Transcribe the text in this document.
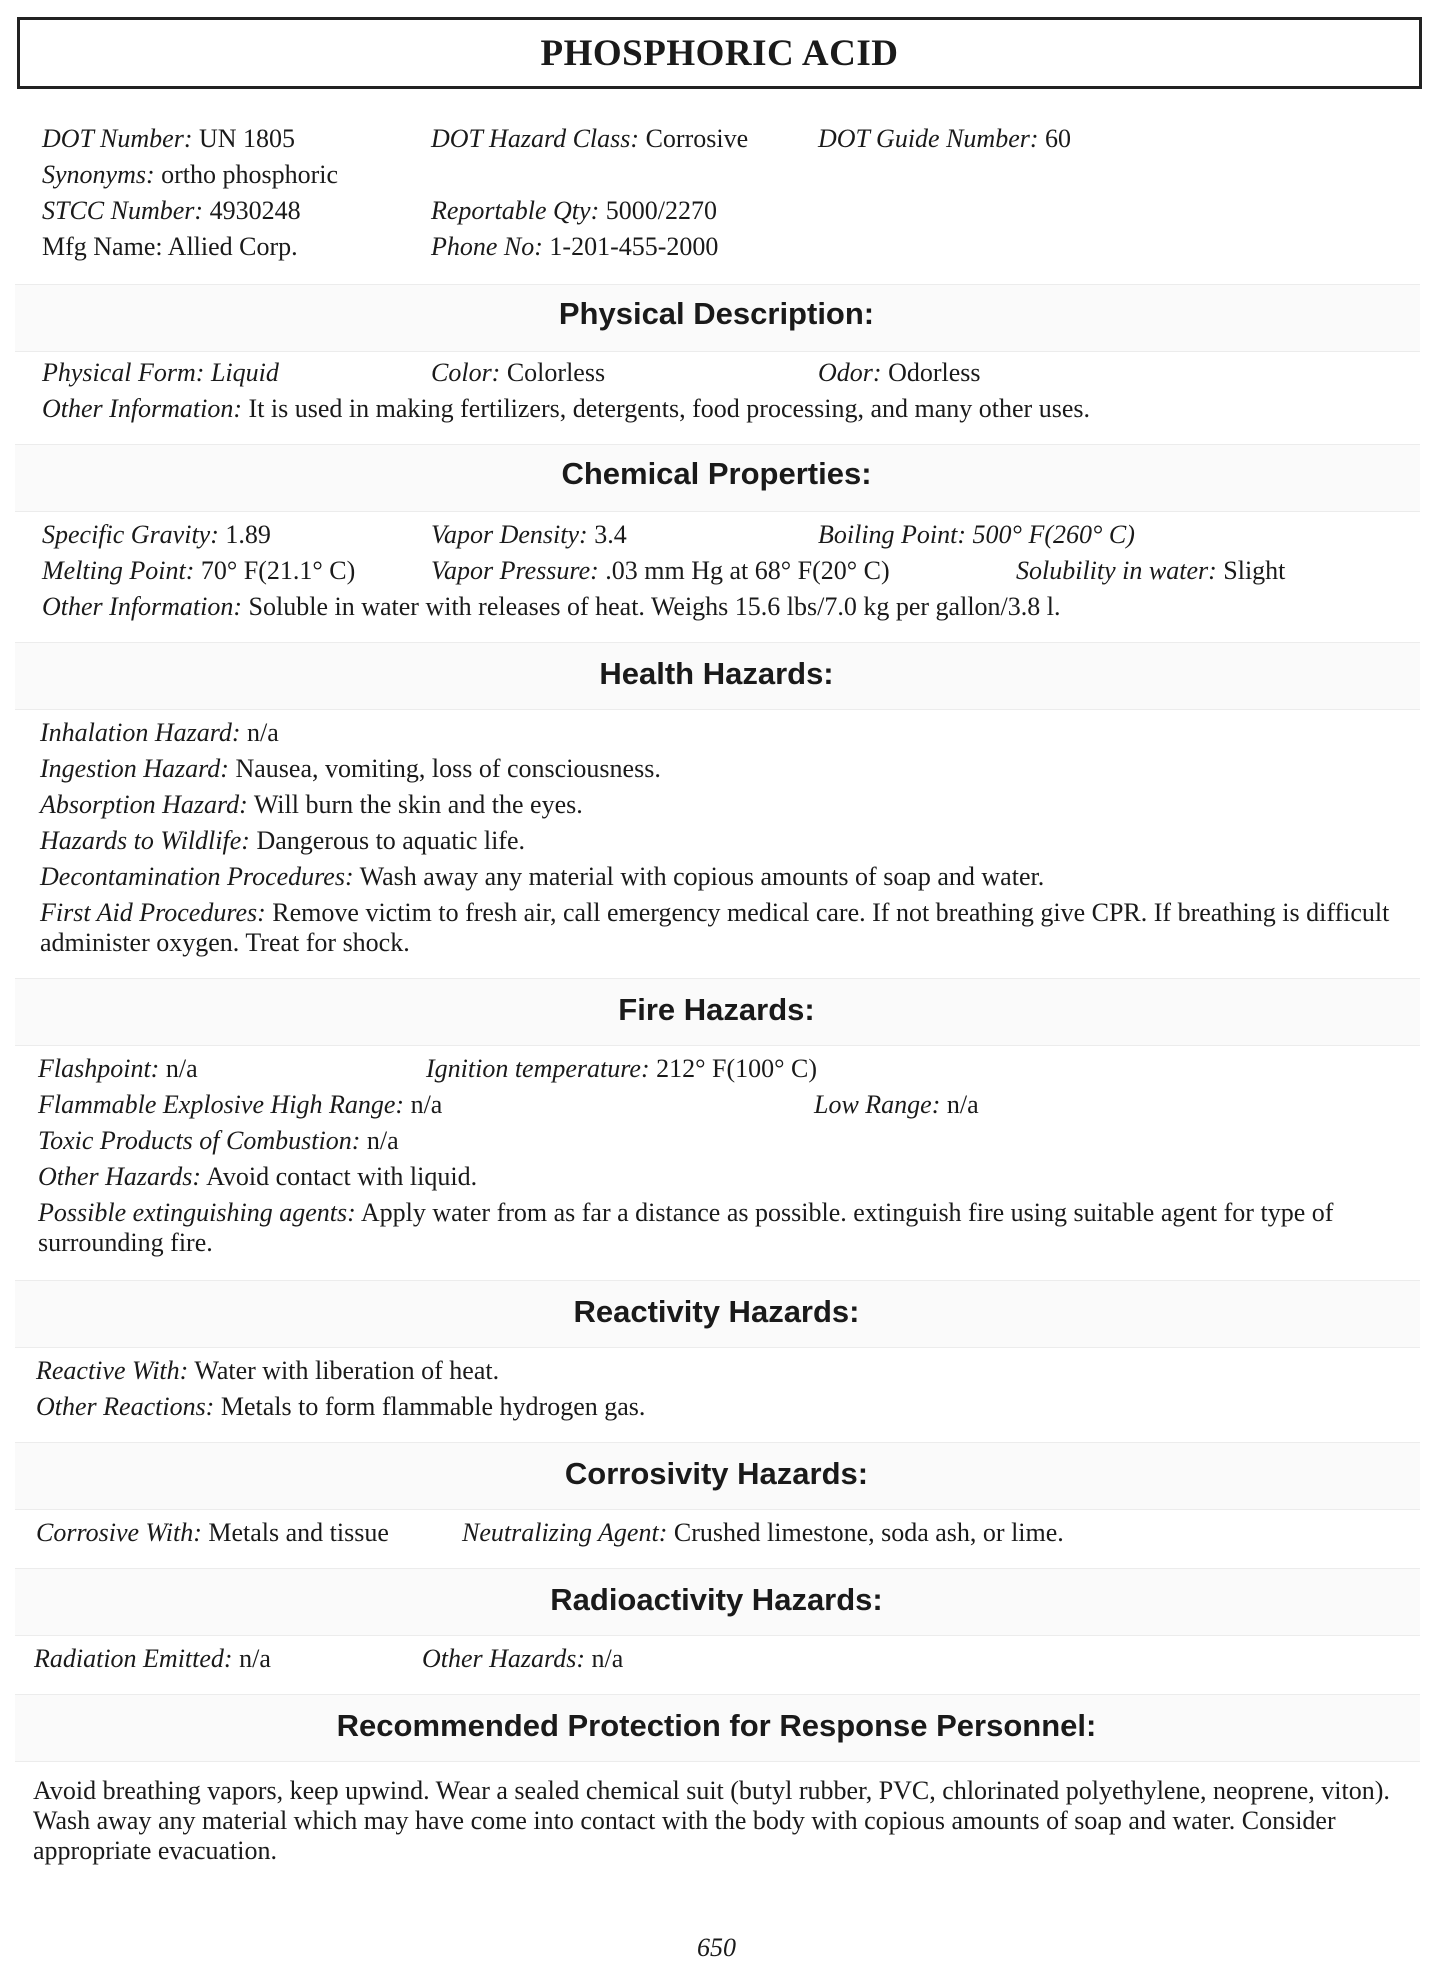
PHOSPHORIC ACID
DOT Number: UN 1805	DOT Hazard Class: Corrosive	DOT Guide Number: 60
Synonyms: ortho phosphoric
STCC Number: 4930248	Reportable Qty: 5000/2270
Mfg Name: Allied Corp.	Phone No: 1-201-455-2000
Physical Description:
Physical Form: Liquid	Color: Colorless	Odor: Odorless
Other Information: It is used in making fertilizers, detergents, food processing, and many other uses.
Chemical Properties:
Specific Gravity: 1.89	Vapor Density: 3.4	Boiling Point: 500° F(260° C)
Melting Point: 70° F(21.1° C)	Vapor Pressure: .03 mm Hg at 68° F(20° C)	Solubility in water: Slight
Other Information: Soluble in water with releases of heat. Weighs 15.6 lbs/7.0 kg per gallon/3.8 l.
Health Hazards:
Inhalation Hazard: n/a
Ingestion Hazard: Nausea, vomiting, loss of consciousness.
Absorption Hazard: Will burn the skin and the eyes.
Hazards to Wildlife: Dangerous to aquatic life.
Decontamination Procedures: Wash away any material with copious amounts of soap and water.
First Aid Procedures: Remove victim to fresh air, call emergency medical care. If not breathing give CPR. If breathing is difficult administer oxygen. Treat for shock.
Fire Hazards:
Flashpoint: n/a	Ignition temperature: 212° F(100° C)
Flammable Explosive High Range: n/a	Low Range: n/a
Toxic Products of Combustion: n/a
Other Hazards: Avoid contact with liquid.
Possible extinguishing agents: Apply water from as far a distance as possible. extinguish fire using suitable agent for type of surrounding fire.
Reactivity Hazards:
Reactive With: Water with liberation of heat.
Other Reactions: Metals to form flammable hydrogen gas.
Corrosivity Hazards:
Corrosive With: Metals and tissue	Neutralizing Agent: Crushed limestone, soda ash, or lime.
Radioactivity Hazards:
Radiation Emitted: n/a	Other Hazards: n/a
Recommended Protection for Response Personnel:
Avoid breathing vapors, keep upwind. Wear a sealed chemical suit (butyl rubber, PVC, chlorinated polyethylene, neoprene, viton). Wash away any material which may have come into contact with the body with copious amounts of soap and water. Consider appropriate evacuation.
650
